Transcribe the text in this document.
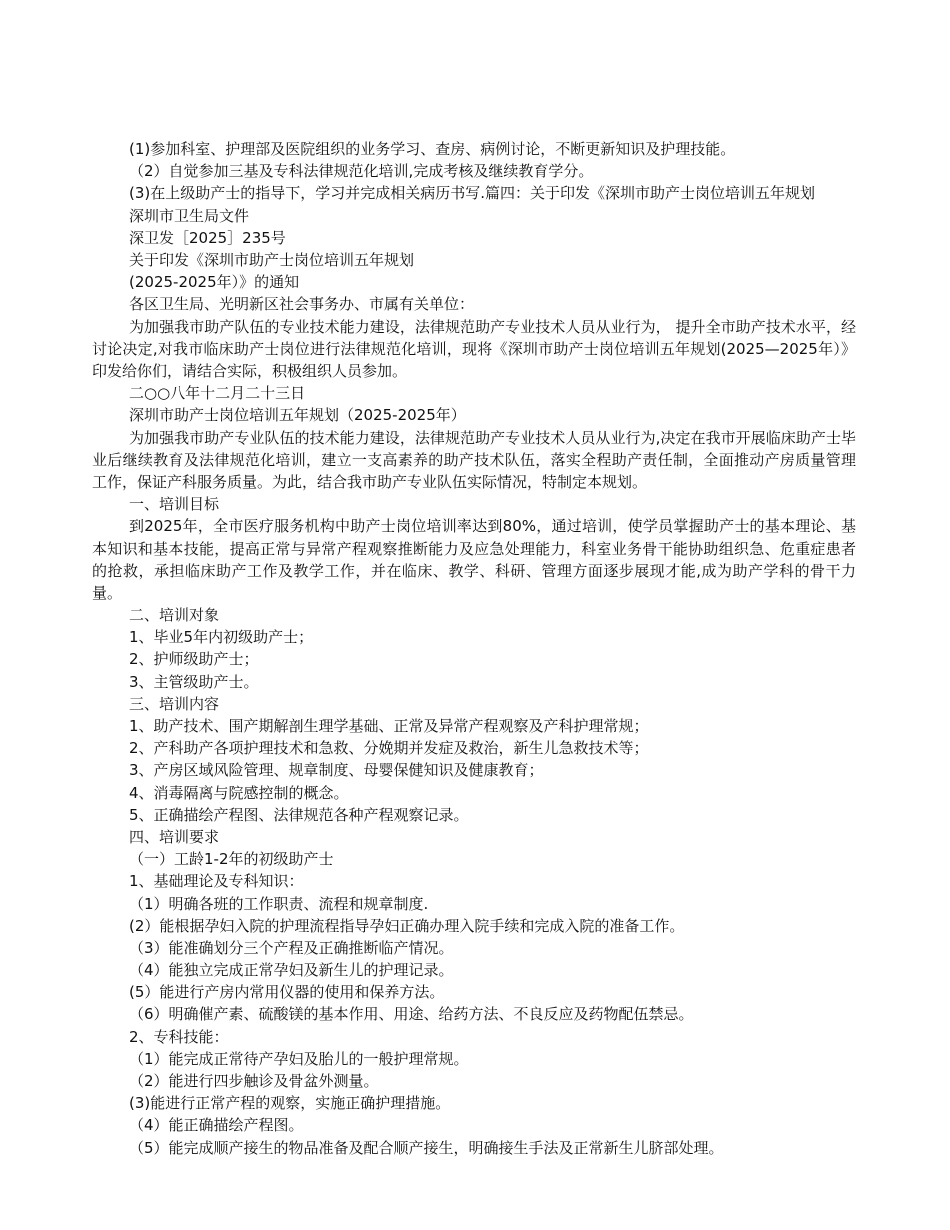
(1)参加科室、护理部及医院组织的业务学习、查房、病例讨论，不断更新知识及护理技能。

（2）自觉参加三基及专科法律规范化培训,完成考核及继续教育学分。

(3)在上级助产士的指导下，学习并完成相关病历书写.篇四：关于印发《深圳市助产士岗位培训五年规划

深圳市卫生局文件

深卫发［2025］235号

关于印发《深圳市助产士岗位培训五年规划

(2025-2025年）》的通知

各区卫生局、光明新区社会事务办、市属有关单位：

为加强我市助产队伍的专业技术能力建设，法律规范助产专业技术人员从业行为， 提升全市助产技术水平，经讨论决定,对我市临床助产士岗位进行法律规范化培训，现将《深圳市助产士岗位培训五年规划(2025—2025年）》印发给你们，请结合实际，积极组织人员参加。

二○○八年十二月二十三日

深圳市助产士岗位培训五年规划（2025-2025年）

为加强我市助产专业队伍的技术能力建设，法律规范助产专业技术人员从业行为,决定在我市开展临床助产士毕业后继续教育及法律规范化培训，建立一支高素养的助产技术队伍，落实全程助产责任制，全面推动产房质量管理工作，保证产科服务质量。为此，结合我市助产专业队伍实际情况，特制定本规划。

一、培训目标

到2025年，全市医疗服务机构中助产士岗位培训率达到80%，通过培训，使学员掌握助产士的基本理论、基本知识和基本技能，提高正常与异常产程观察推断能力及应急处理能力，科室业务骨干能协助组织急、危重症患者的抢救，承担临床助产工作及教学工作，并在临床、教学、科研、管理方面逐步展现才能,成为助产学科的骨干力量。

二、培训对象

1、毕业5年内初级助产士；

2、护师级助产士；

3、主管级助产士。

三、培训内容

1、助产技术、围产期解剖生理学基础、正常及异常产程观察及产科护理常规；

2、产科助产各项护理技术和急救、分娩期并发症及救治，新生儿急救技术等；

3、产房区域风险管理、规章制度、母婴保健知识及健康教育；

4、消毒隔离与院感控制的概念。

5、正确描绘产程图、法律规范各种产程观察记录。

四、培训要求

（一）工龄1-2年的初级助产士

1、基础理论及专科知识：

（1）明确各班的工作职责、流程和规章制度.

(2）能根据孕妇入院的护理流程指导孕妇正确办理入院手续和完成入院的准备工作。

（3）能准确划分三个产程及正确推断临产情况。

（4）能独立完成正常孕妇及新生儿的护理记录。

(5）能进行产房内常用仪器的使用和保养方法。

（6）明确催产素、硫酸镁的基本作用、用途、给药方法、不良反应及药物配伍禁忌。

2、专科技能：

（1）能完成正常待产孕妇及胎儿的一般护理常规。

（2）能进行四步触诊及骨盆外测量。

(3)能进行正常产程的观察，实施正确护理措施。

（4）能正确描绘产程图。

（5）能完成顺产接生的物品准备及配合顺产接生，明确接生手法及正常新生儿脐部处理。
